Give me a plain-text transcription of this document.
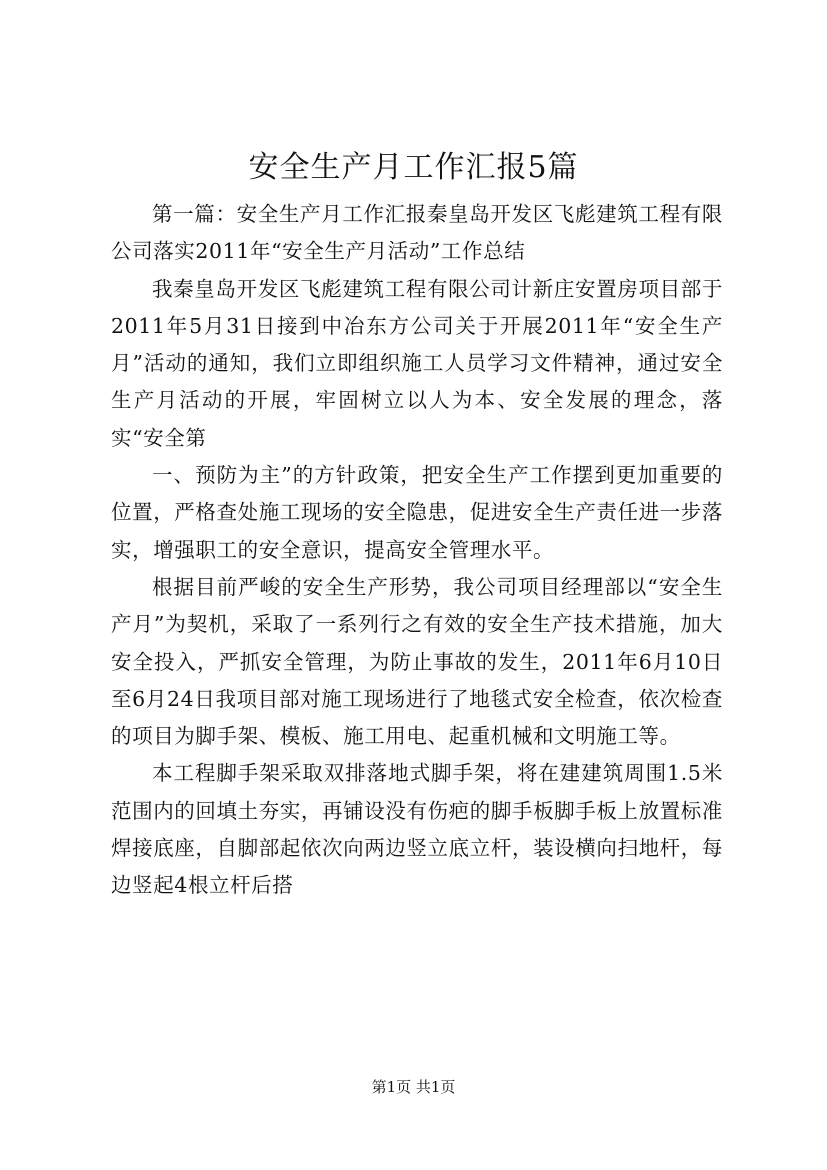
安全生产月工作汇报5篇

第一篇：安全生产月工作汇报秦皇岛开发区飞彪建筑工程有限公司落实2011年“安全生产月活动”工作总结

我秦皇岛开发区飞彪建筑工程有限公司计新庄安置房项目部于2011年5月31日接到中冶东方公司关于开展2011年“安全生产月”活动的通知，我们立即组织施工人员学习文件精神，通过安全生产月活动的开展，牢固树立以人为本、安全发展的理念，落实“安全第

一、预防为主”的方针政策，把安全生产工作摆到更加重要的位置，严格查处施工现场的安全隐患，促进安全生产责任进一步落实，增强职工的安全意识，提高安全管理水平。

根据目前严峻的安全生产形势，我公司项目经理部以“安全生产月”为契机，采取了一系列行之有效的安全生产技术措施，加大安全投入，严抓安全管理，为防止事故的发生，2011年6月10日至6月24日我项目部对施工现场进行了地毯式安全检查，依次检查的项目为脚手架、模板、施工用电、起重机械和文明施工等。

本工程脚手架采取双排落地式脚手架，将在建建筑周围1.5米范围内的回填土夯实，再铺设没有伤疤的脚手板脚手板上放置标准焊接底座，自脚部起依次向两边竖立底立杆，装设横向扫地杆，每边竖起4根立杆后搭

第1页 共1页
